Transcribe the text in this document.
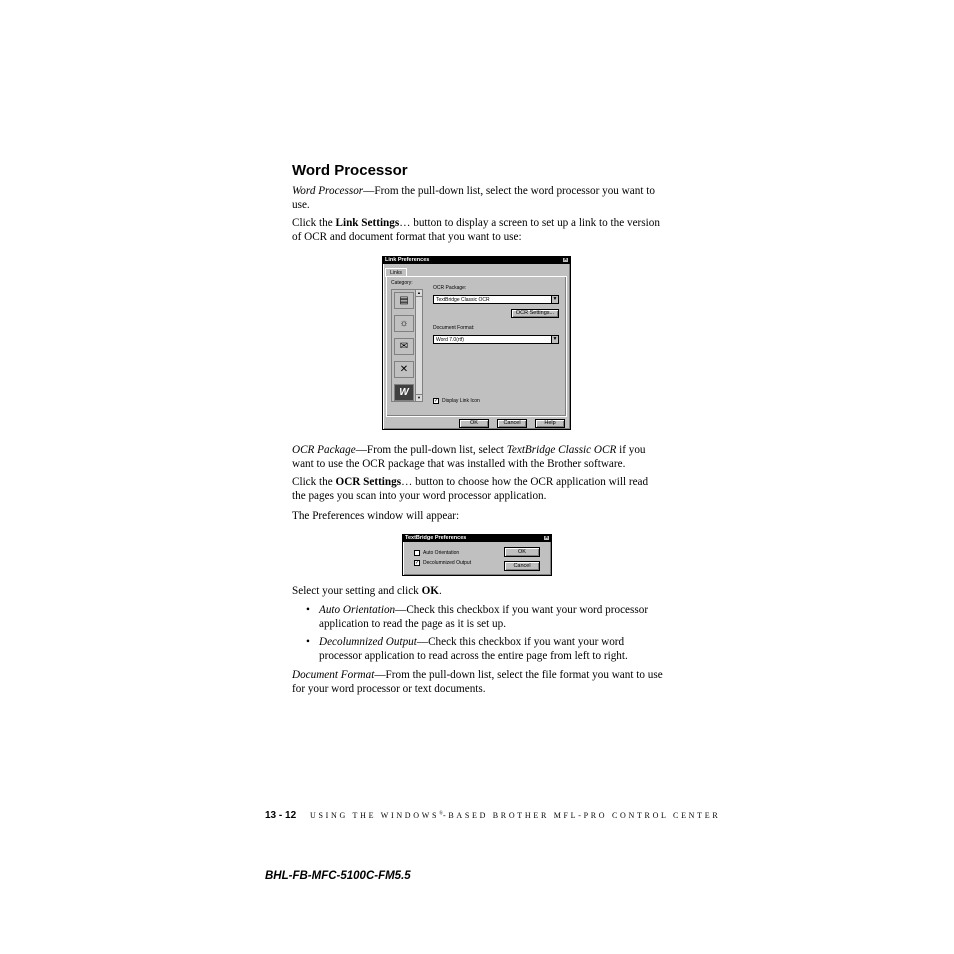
Word Processor
Word Processor—From the pull-down list, select the word processor you want to use.
Click the Link Settings… button to display a screen to set up a link to the version of OCR and document format that you want to use:
Link Preferences	×
Links
Category:
▤
☼
✉
✕
W
▲
▼
OCR Package:
TextBridge Classic OCR	▼
OCR Settings...
Document Format:
Word 7.0(rtf)	▼
✓ Display Link Icon
OK	Cancel	Help
OCR Package—From the pull-down list, select TextBridge Classic OCR if you want to use the OCR package that was installed with the Brother software.
Click the OCR Settings… button to choose how the OCR application will read the pages you scan into your word processor application.
The Preferences window will appear:
TextBridge Preferences	×
Auto Orientation
✓ Decolumnized Output
OK
Cancel
Select your setting and click OK.
• Auto Orientation—Check this checkbox if you want your word processor application to read the page as it is set up.
• Decolumnized Output—Check this checkbox if you want your word processor application to read across the entire page from left to right.
Document Format—From the pull-down list, select the file format you want to use for your word processor or text documents.
13 - 12 USING THE WINDOWS®-BASED BROTHER MFL-PRO CONTROL CENTER
BHL-FB-MFC-5100C-FM5.5
